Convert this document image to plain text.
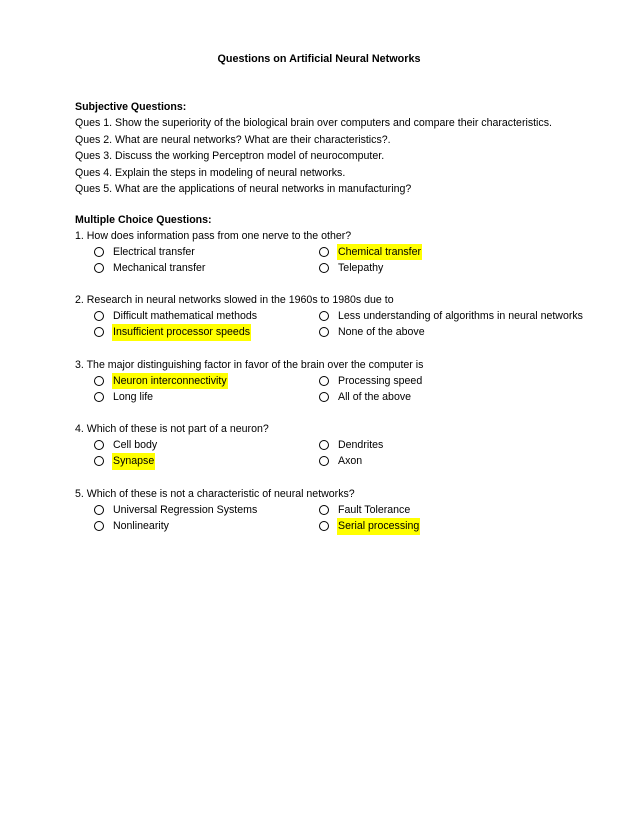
Questions on Artificial Neural Networks
Subjective Questions:
Ques 1. Show the superiority of the biological brain over computers and compare their characteristics.
Ques 2. What are neural networks? What are their characteristics?.
Ques 3. Discuss the working Perceptron model of neurocomputer.
Ques 4. Explain the steps in modeling of neural networks.
Ques 5. What are the applications of neural networks in manufacturing?
Multiple Choice Questions:
1. How does information pass from one nerve to the other?
Electrical transfer	Chemical transfer
Mechanical transfer	Telepathy
2. Research in neural networks slowed in the 1960s to 1980s due to
Difficult mathematical methods	Less understanding of algorithms in neural networks
Insufficient processor speeds	None of the above
3. The major distinguishing factor in favor of the brain over the computer is
Neuron interconnectivity	Processing speed
Long life	All of the above
4. Which of these is not part of a neuron?
Cell body	Dendrites
Synapse	Axon
5. Which of these is not a characteristic of neural networks?
Universal Regression Systems	Fault Tolerance
Nonlinearity	Serial processing
